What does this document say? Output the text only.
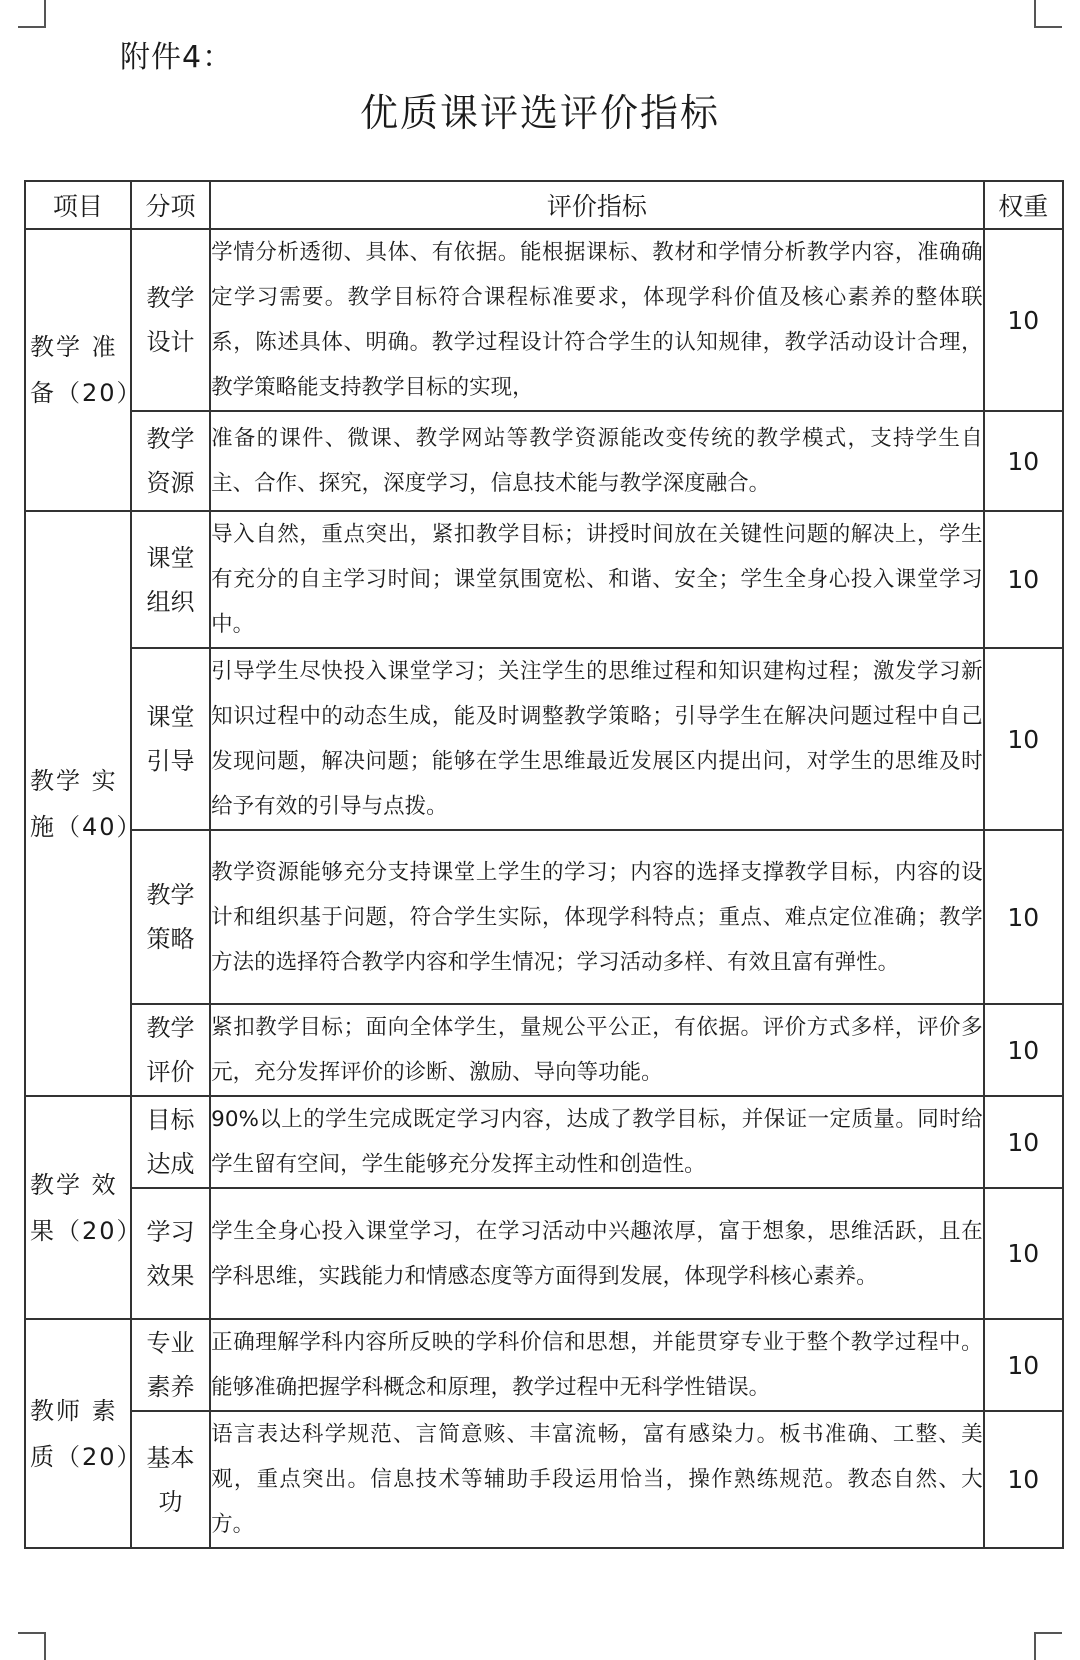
附件4：
优质课评选评价指标
项目	分项	评价指标	权重

教学 准备（20）	教学设计	学情分析透彻、具体、有依据。能根据课标、教材和学情分析教学内容，准确确定学习需要。教学目标符合课程标准要求，体现学科价值及核心素养的整体联系，陈述具体、明确。教学过程设计符合学生的认知规律，教学活动设计合理，教学策略能支持教学目标的实现，	10

	教学资源	准备的课件、微课、教学网站等教学资源能改变传统的教学模式，支持学生自主、合作、探究，深度学习，信息技术能与教学深度融合。	10

教学 实施（40）	课堂组织	导入自然，重点突出，紧扣教学目标；讲授时间放在关键性问题的解决上，学生有充分的自主学习时间；课堂氛围宽松、和谐、安全；学生全身心投入课堂学习中。	10

	课堂引导	引导学生尽快投入课堂学习；关注学生的思维过程和知识建构过程；激发学习新知识过程中的动态生成，能及时调整教学策略；引导学生在解决问题过程中自己发现问题，解决问题；能够在学生思维最近发展区内提出问，对学生的思维及时给予有效的引导与点拨。	10

	教学策略	教学资源能够充分支持课堂上学生的学习；内容的选择支撑教学目标，内容的设计和组织基于问题，符合学生实际，体现学科特点；重点、难点定位准确；教学方法的选择符合教学内容和学生情况；学习活动多样、有效且富有弹性。	10

	教学评价	紧扣教学目标；面向全体学生，量规公平公正，有依据。评价方式多样，评价多元，充分发挥评价的诊断、激励、导向等功能。	10

教学 效果（20）	目标达成	90%以上的学生完成既定学习内容，达成了教学目标，并保证一定质量。同时给学生留有空间，学生能够充分发挥主动性和创造性。	10

	学习效果	学生全身心投入课堂学习，在学习活动中兴趣浓厚，富于想象，思维活跃，且在学科思维，实践能力和情感态度等方面得到发展，体现学科核心素养。	10

教师 素质（20）	专业素养	正确理解学科内容所反映的学科价信和思想，并能贯穿专业于整个教学过程中。能够准确把握学科概念和原理，教学过程中无科学性错误。	10

	基本功	语言表达科学规范、言简意赅、丰富流畅，富有感染力。板书准确、工整、美观，重点突出。信息技术等辅助手段运用恰当，操作熟练规范。教态自然、大方。	10
